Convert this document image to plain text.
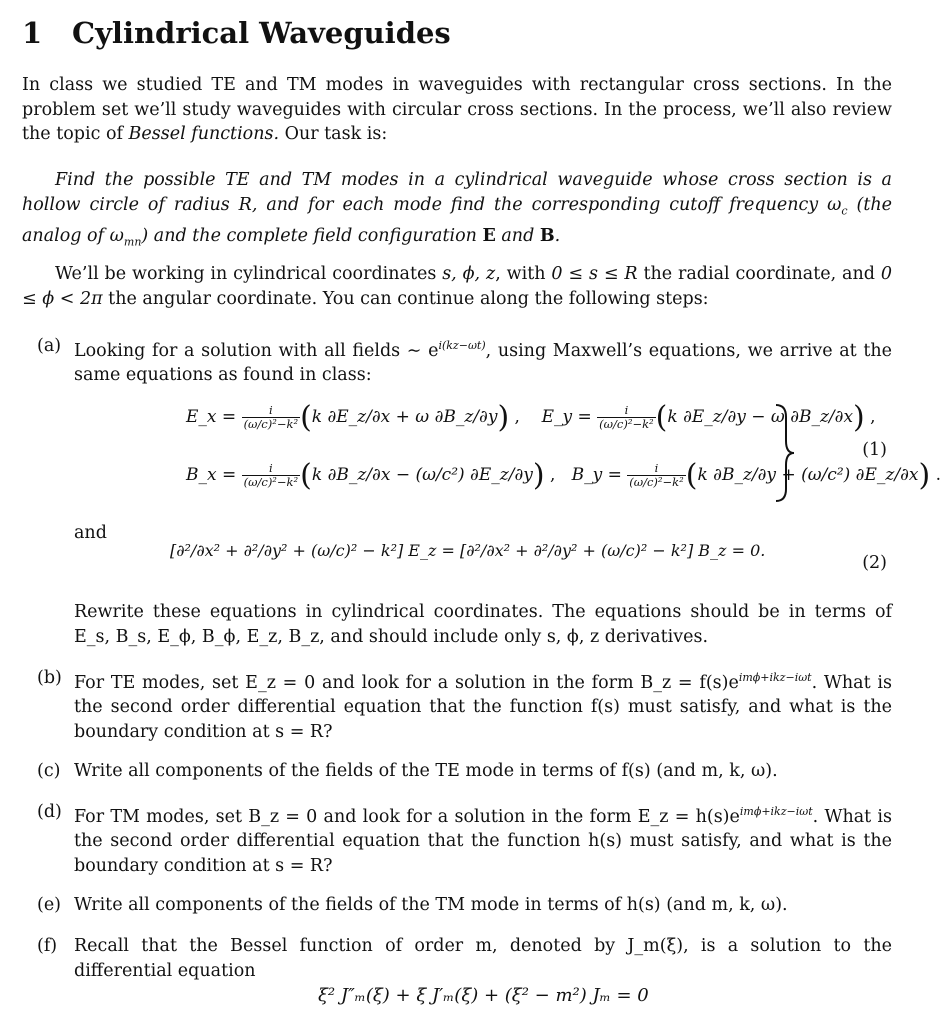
1 Cylindrical Waveguides
In class we studied TE and TM modes in waveguides with rectangular cross sections. In the problem set we’ll study waveguides with circular cross sections. In the process, we’ll also review the topic of Bessel functions. Our task is:
Find the possible TE and TM modes in a cylindrical waveguide whose cross section is a hollow circle of radius R, and for each mode find the corresponding cutoff frequency $\omega_c$ (the analog of $\omega_{mn}$) and the complete field configuration E and B.
We’ll be working in cylindrical coordinates s, ϕ, z, with 0 ≤ s ≤ R the radial coordinate, and 0 ≤ ϕ < 2π the angular coordinate. You can continue along the following steps:
(a) Looking for a solution with all fields ∼ $e^{i(kz-\omega t)}$, using Maxwell’s equations, we arrive at the same equations as found in class:
E_x = $\frac{i}{\text{(ω/c)²−k²}} (k$ ∂E_z/∂x + ω ∂B_z/∂y) ,    E_y = $\frac{i}{\text{(ω/c)²−k²}} (k$ ∂E_z/∂y − ω ∂B_z/∂x) ,
B_x = $\frac{i}{\text{(ω/c)²−k²}} (k$ ∂B_z/∂x − (ω/c²) ∂E_z/∂y) ,   B_y = $\frac{i}{\text{(ω/c)²−k²}} (k$ ∂B_z/∂y + (ω/c²) ∂E_z/∂x) .
(1)
and
[∂²/∂x² + ∂²/∂y² + (ω/c)² − k²] E_z = [∂²/∂x² + ∂²/∂y² + (ω/c)² − k²] B_z = 0.
(2)
Rewrite these equations in cylindrical coordinates. The equations should be in terms of E_s, B_s, E_ϕ, B_ϕ, E_z, B_z, and should include only s, ϕ, z derivatives.
(b) For TE modes, set E_z = 0 and look for a solution in the form B_z = $f(s)e^{im\phi+ikz-i\omega t}$. What is the second order differential equation that the function f(s) must satisfy, and what is the boundary condition at s = R?
(c) Write all components of the fields of the TE mode in terms of f(s) (and m, k, ω).
(d) For TM modes, set B_z = 0 and look for a solution in the form E_z = $h(s)e^{im\phi+ikz-i\omega t}$. What is the second order differential equation that the function h(s) must satisfy, and what is the boundary condition at s = R?
(e) Write all components of the fields of the TM mode in terms of h(s) (and m, k, ω).
(f) Recall that the Bessel function of order m, denoted by J_m(ξ), is a solution to the differential equation
ξ² J″ₘ(ξ) + ξ J′ₘ(ξ) + (ξ² − m²) Jₘ = 0
